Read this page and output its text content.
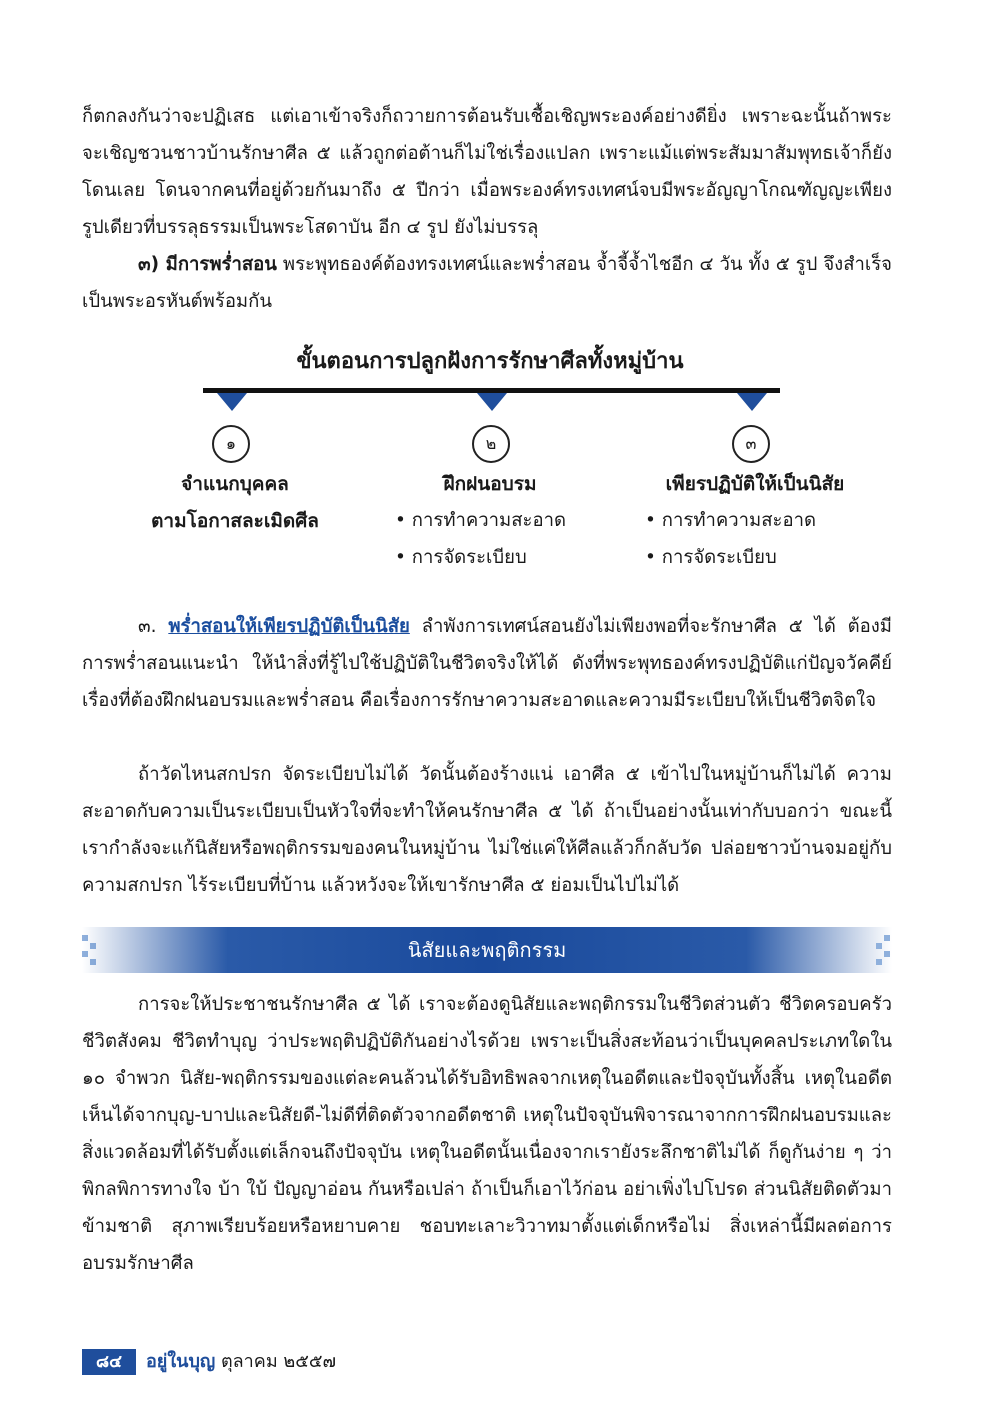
ก็ตกลงกันว่าจะปฏิเสธ แต่เอาเข้าจริงก็ถวายการต้อนรับเชื้อเชิญพระองค์อย่างดียิ่ง เพราะฉะนั้นถ้าพระจะเชิญชวนชาวบ้านรักษาศีล ๕ แล้วถูกต่อต้านก็ไม่ใช่เรื่องแปลก เพราะแม้แต่พระสัมมาสัมพุทธเจ้าก็ยังโดนเลย โดนจากคนที่อยู่ด้วยกันมาถึง ๕ ปีกว่า เมื่อพระองค์ทรงเทศน์จบมีพระอัญญาโกณฑัญญะเพียงรูปเดียวที่บรรลุธรรมเป็นพระโสดาบัน อีก ๔ รูป ยังไม่บรรลุ

๓) มีการพร่ำสอน พระพุทธองค์ต้องทรงเทศน์และพร่ำสอน จ้ำจี้จ้ำไชอีก ๔ วัน ทั้ง ๕ รูป จึงสำเร็จเป็นพระอรหันต์พร้อมกัน

ขั้นตอนการปลูกฝังการรักษาศีลทั้งหมู่บ้าน
๑	๒	๓
จำแนกบุคคล
ตามโอกาสละเมิดศีล
ฝึกฝนอบรม
• การทำความสะอาด
• การจัดระเบียบ
เพียรปฏิบัติให้เป็นนิสัย
• การทำความสะอาด
• การจัดระเบียบ

๓. พร่ำสอนให้เพียรปฏิบัติเป็นนิสัย ลำพังการเทศน์สอนยังไม่เพียงพอที่จะรักษาศีล ๕ ได้ ต้องมีการพร่ำสอนแนะนำ ให้นำสิ่งที่รู้ไปใช้ปฏิบัติในชีวิตจริงให้ได้ ดังที่พระพุทธองค์ทรงปฏิบัติแก่ปัญจวัคคีย์ เรื่องที่ต้องฝึกฝนอบรมและพร่ำสอน คือเรื่องการรักษาความสะอาดและความมีระเบียบให้เป็นชีวิตจิตใจ

ถ้าวัดไหนสกปรก จัดระเบียบไม่ได้ วัดนั้นต้องร้างแน่ เอาศีล ๕ เข้าไปในหมู่บ้านก็ไม่ได้ ความสะอาดกับความเป็นระเบียบเป็นหัวใจที่จะทำให้คนรักษาศีล ๕ ได้ ถ้าเป็นอย่างนั้นเท่ากับบอกว่า ขณะนี้เรากำลังจะแก้นิสัยหรือพฤติกรรมของคนในหมู่บ้าน ไม่ใช่แค่ให้ศีลแล้วก็กลับวัด ปล่อยชาวบ้านจมอยู่กับความสกปรก ไร้ระเบียบที่บ้าน แล้วหวังจะให้เขารักษาศีล ๕ ย่อมเป็นไปไม่ได้

นิสัยและพฤติกรรม

การจะให้ประชาชนรักษาศีล ๕ ได้ เราจะต้องดูนิสัยและพฤติกรรมในชีวิตส่วนตัว ชีวิตครอบครัว ชีวิตสังคม ชีวิตทำบุญ ว่าประพฤติปฏิบัติกันอย่างไรด้วย เพราะเป็นสิ่งสะท้อนว่าเป็นบุคคลประเภทใดใน ๑๐ จำพวก นิสัย-พฤติกรรมของแต่ละคนล้วนได้รับอิทธิพลจากเหตุในอดีตและปัจจุบันทั้งสิ้น เหตุในอดีตเห็นได้จากบุญ-บาปและนิสัยดี-ไม่ดีที่ติดตัวจากอดีตชาติ เหตุในปัจจุบันพิจารณาจากการฝึกฝนอบรมและสิ่งแวดล้อมที่ได้รับตั้งแต่เล็กจนถึงปัจจุบัน เหตุในอดีตนั้นเนื่องจากเรายังระลึกชาติไม่ได้ ก็ดูกันง่าย ๆ ว่า พิกลพิการทางใจ บ้า ใบ้ ปัญญาอ่อน กันหรือเปล่า ถ้าเป็นก็เอาไว้ก่อน อย่าเพิ่งไปโปรด ส่วนนิสัยติดตัวมาข้ามชาติ สุภาพเรียบร้อยหรือหยาบคาย ชอบทะเลาะวิวาทมาตั้งแต่เด็กหรือไม่ สิ่งเหล่านี้มีผลต่อการอบรมรักษาศีล

๘๔	อยู่ในบุญ ตุลาคม ๒๕๕๗
